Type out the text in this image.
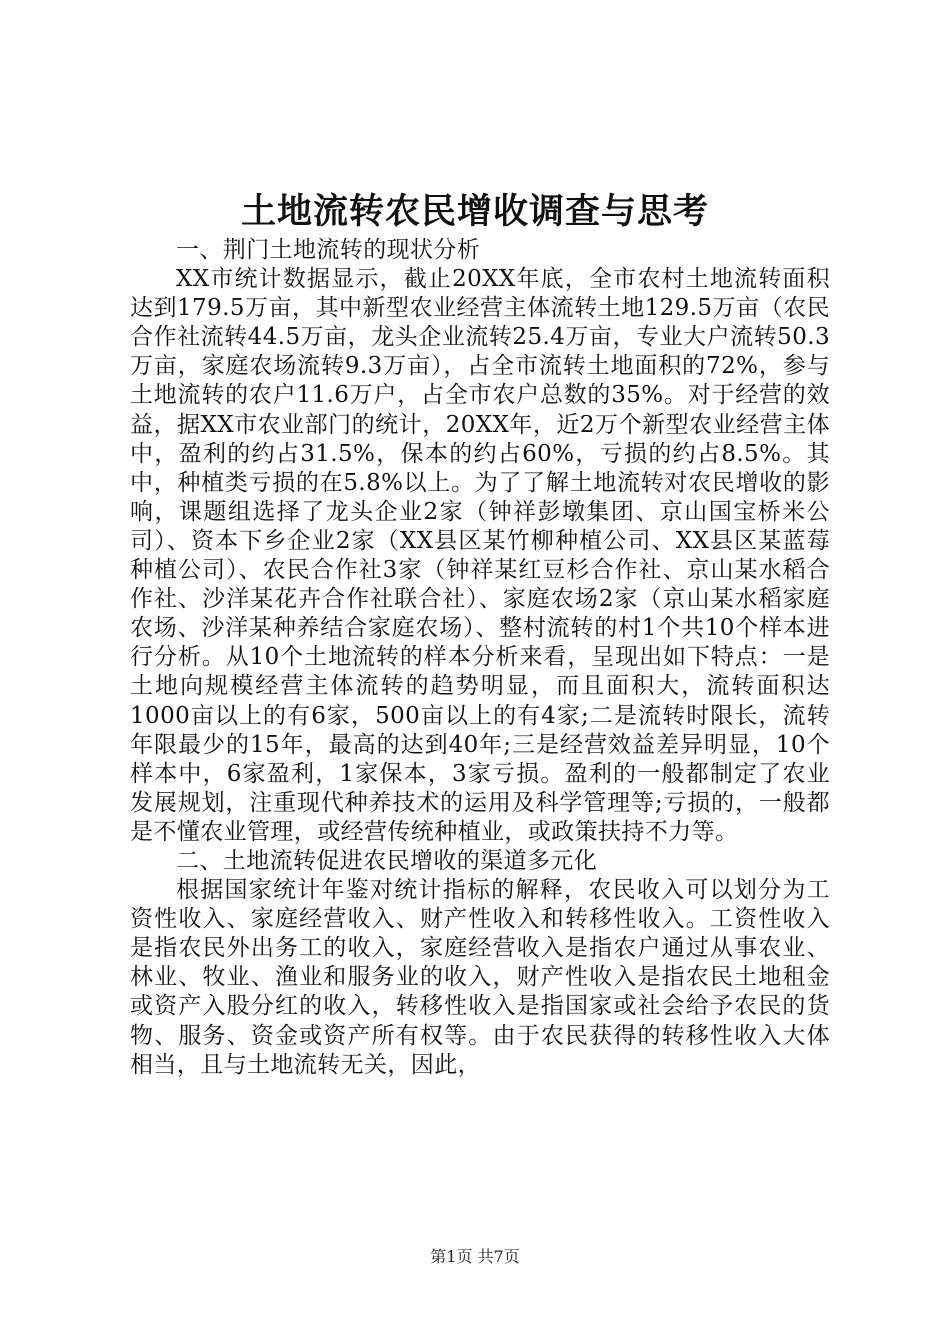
土地流转农民增收调查与思考

一、荆门土地流转的现状分析

XX市统计数据显示，截止20XX年底，全市农村土地流转面积达到179.5万亩，其中新型农业经营主体流转土地129.5万亩（农民合作社流转44.5万亩，龙头企业流转25.4万亩，专业大户流转50.3万亩，家庭农场流转9.3万亩），占全市流转土地面积的72%，参与土地流转的农户11.6万户，占全市农户总数的35%。对于经营的效益，据XX市农业部门的统计，20XX年，近2万个新型农业经营主体中，盈利的约占31.5%，保本的约占60%，亏损的约占8.5%。其中，种植类亏损的在5.8%以上。为了了解土地流转对农民增收的影响，课题组选择了龙头企业2家（钟祥彭墩集团、京山国宝桥米公司）、资本下乡企业2家（XX县区某竹柳种植公司、XX县区某蓝莓种植公司）、农民合作社3家（钟祥某红豆杉合作社、京山某水稻合作社、沙洋某花卉合作社联合社）、家庭农场2家（京山某水稻家庭农场、沙洋某种养结合家庭农场）、整村流转的村1个共10个样本进行分析。从10个土地流转的样本分析来看，呈现出如下特点：一是土地向规模经营主体流转的趋势明显，而且面积大，流转面积达1000亩以上的有6家，500亩以上的有4家;二是流转时限长，流转年限最少的15年，最高的达到40年;三是经营效益差异明显，10个样本中，6家盈利，1家保本，3家亏损。盈利的一般都制定了农业发展规划，注重现代种养技术的运用及科学管理等;亏损的，一般都是不懂农业管理，或经营传统种植业，或政策扶持不力等。

二、土地流转促进农民增收的渠道多元化

根据国家统计年鉴对统计指标的解释，农民收入可以划分为工资性收入、家庭经营收入、财产性收入和转移性收入。工资性收入是指农民外出务工的收入，家庭经营收入是指农户通过从事农业、林业、牧业、渔业和服务业的收入，财产性收入是指农民土地租金或资产入股分红的收入，转移性收入是指国家或社会给予农民的货物、服务、资金或资产所有权等。由于农民获得的转移性收入大体相当，且与土地流转无关，因此，

第1页 共7页
